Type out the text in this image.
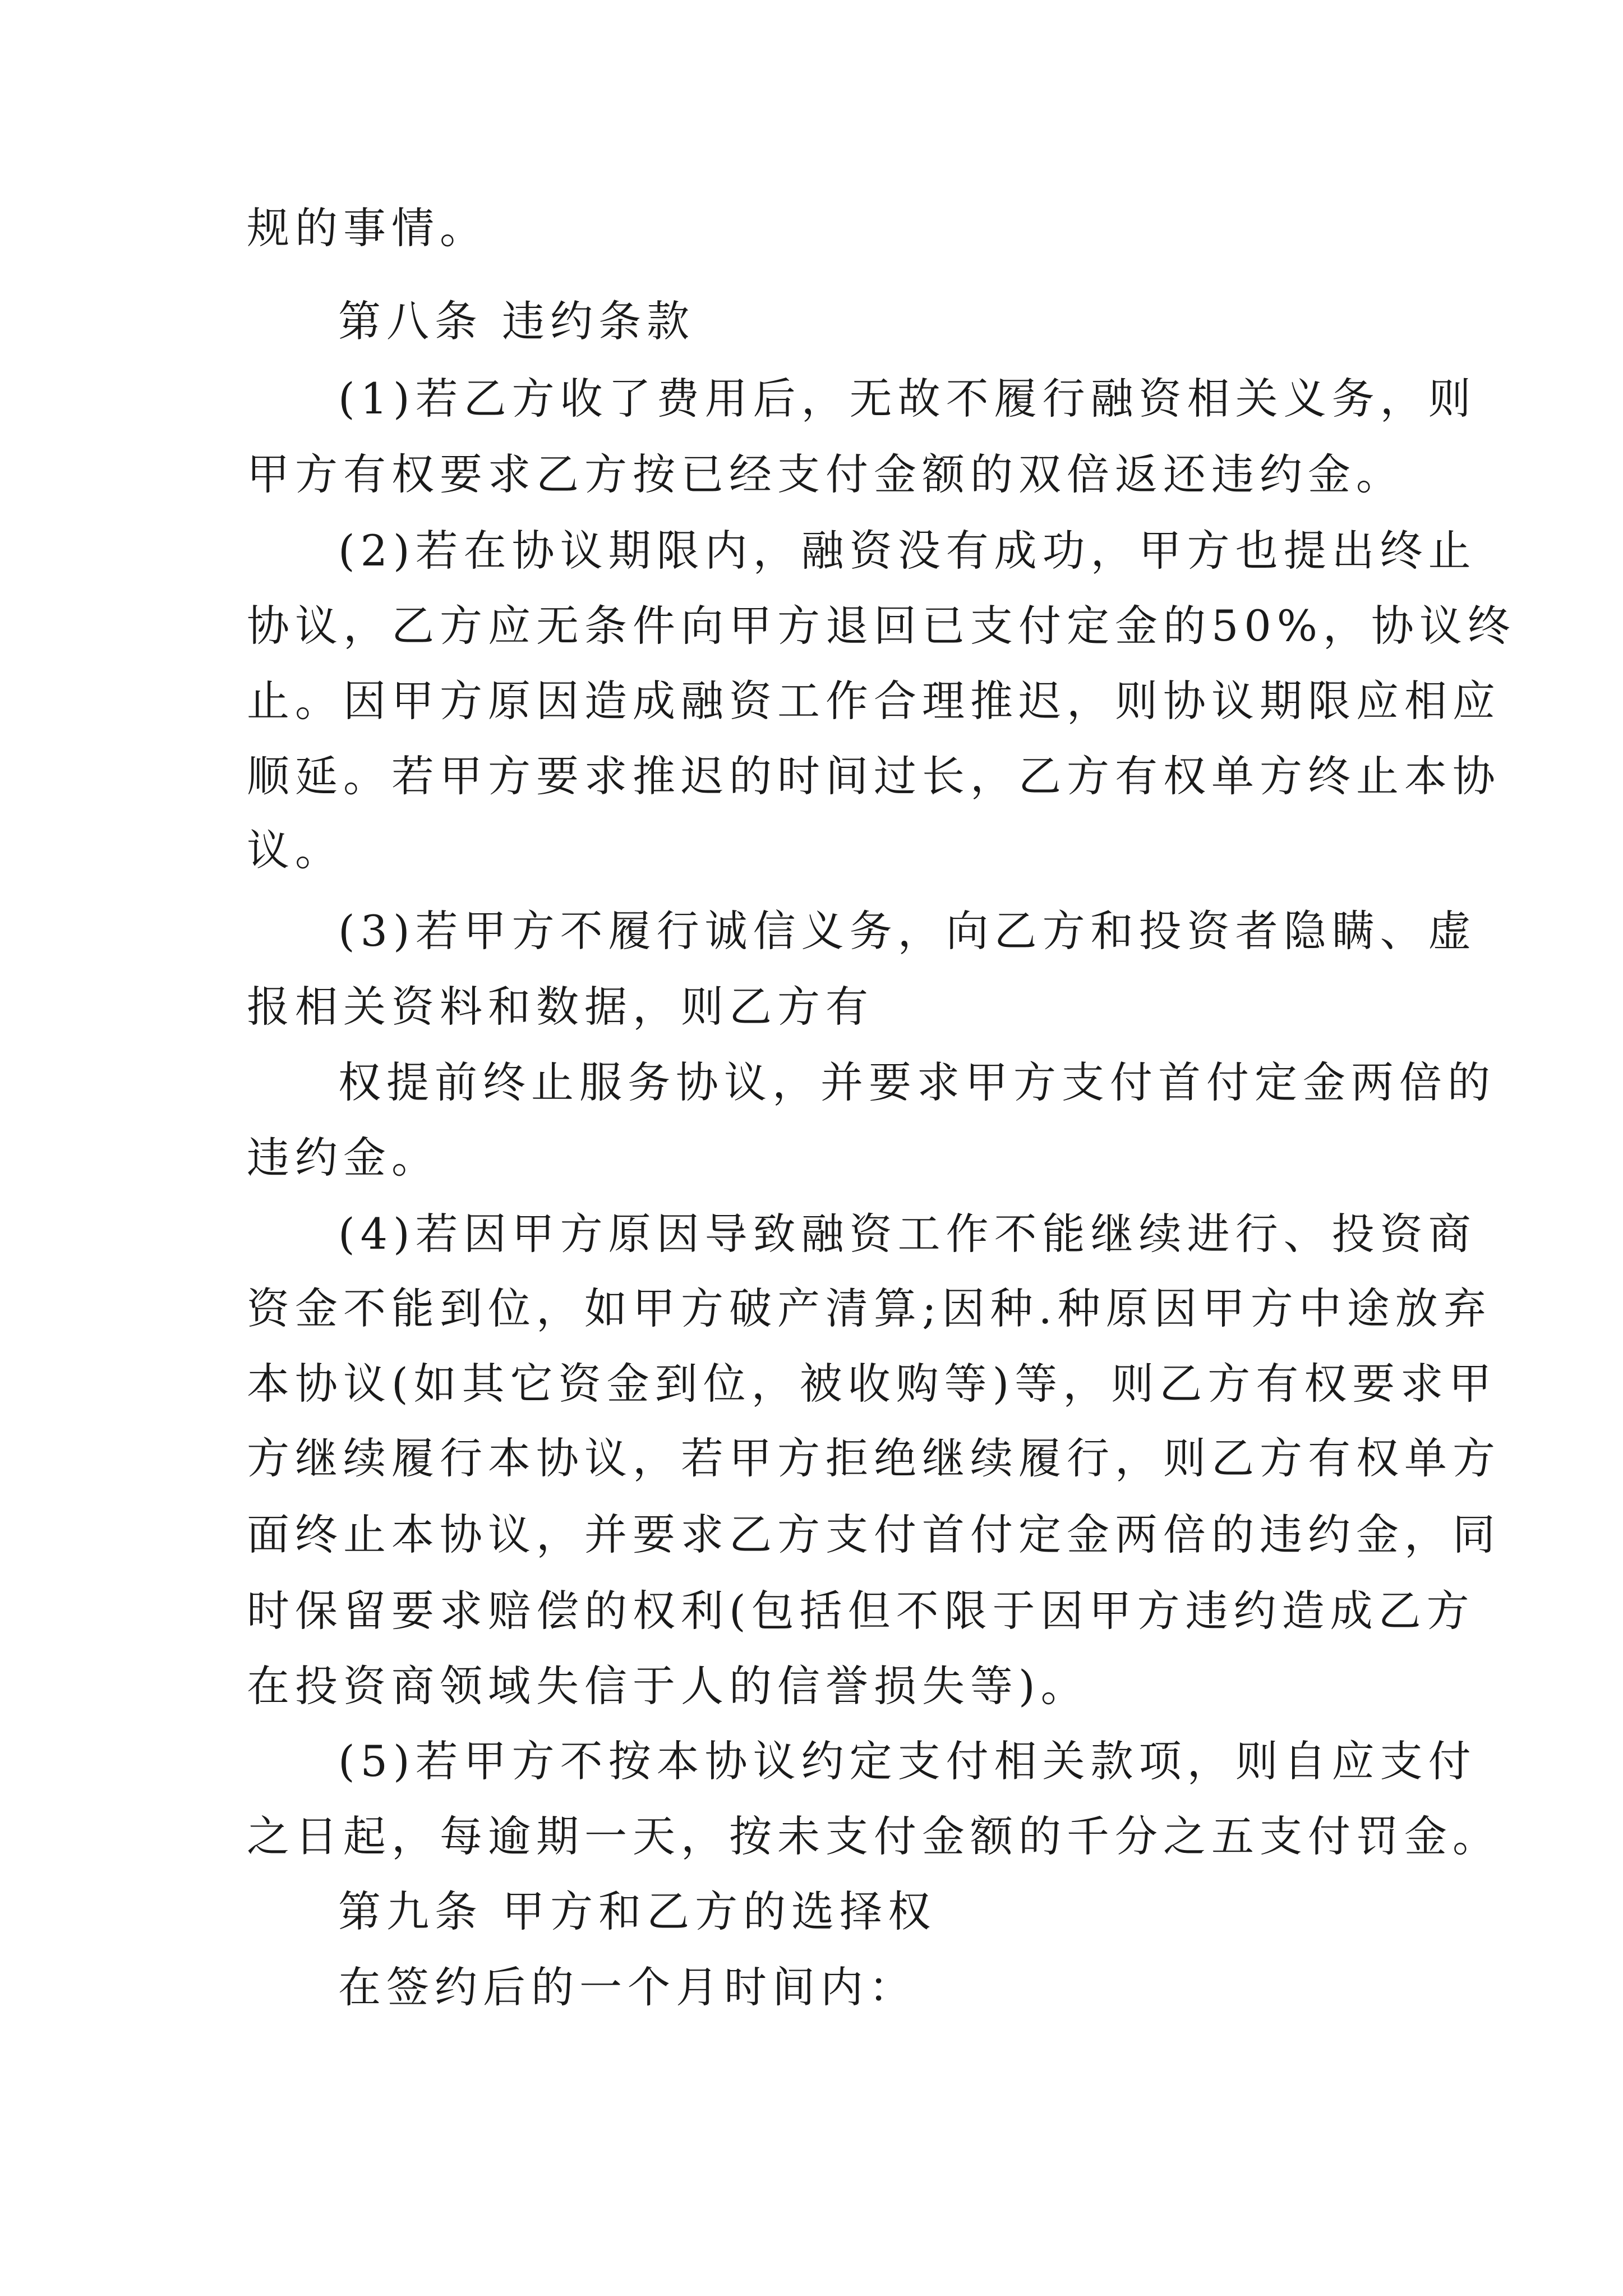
规的事情。
第八条 违约条款
(1)若乙方收了费用后，无故不履行融资相关义务，则
甲方有权要求乙方按已经支付金额的双倍返还违约金。
(2)若在协议期限内，融资没有成功，甲方也提出终止
协议，乙方应无条件向甲方退回已支付定金的50%，协议终
止。因甲方原因造成融资工作合理推迟，则协议期限应相应
顺延。若甲方要求推迟的时间过长，乙方有权单方终止本协
议。
(3)若甲方不履行诚信义务，向乙方和投资者隐瞒、虚
报相关资料和数据，则乙方有
权提前终止服务协议，并要求甲方支付首付定金两倍的
违约金。
(4)若因甲方原因导致融资工作不能继续进行、投资商
资金不能到位，如甲方破产清算;因种.种原因甲方中途放弃
本协议(如其它资金到位，被收购等)等，则乙方有权要求甲
方继续履行本协议，若甲方拒绝继续履行，则乙方有权单方
面终止本协议，并要求乙方支付首付定金两倍的违约金，同
时保留要求赔偿的权利(包括但不限于因甲方违约造成乙方
在投资商领域失信于人的信誉损失等)。
(5)若甲方不按本协议约定支付相关款项，则自应支付
之日起，每逾期一天，按未支付金额的千分之五支付罚金。
第九条 甲方和乙方的选择权
在签约后的一个月时间内：
